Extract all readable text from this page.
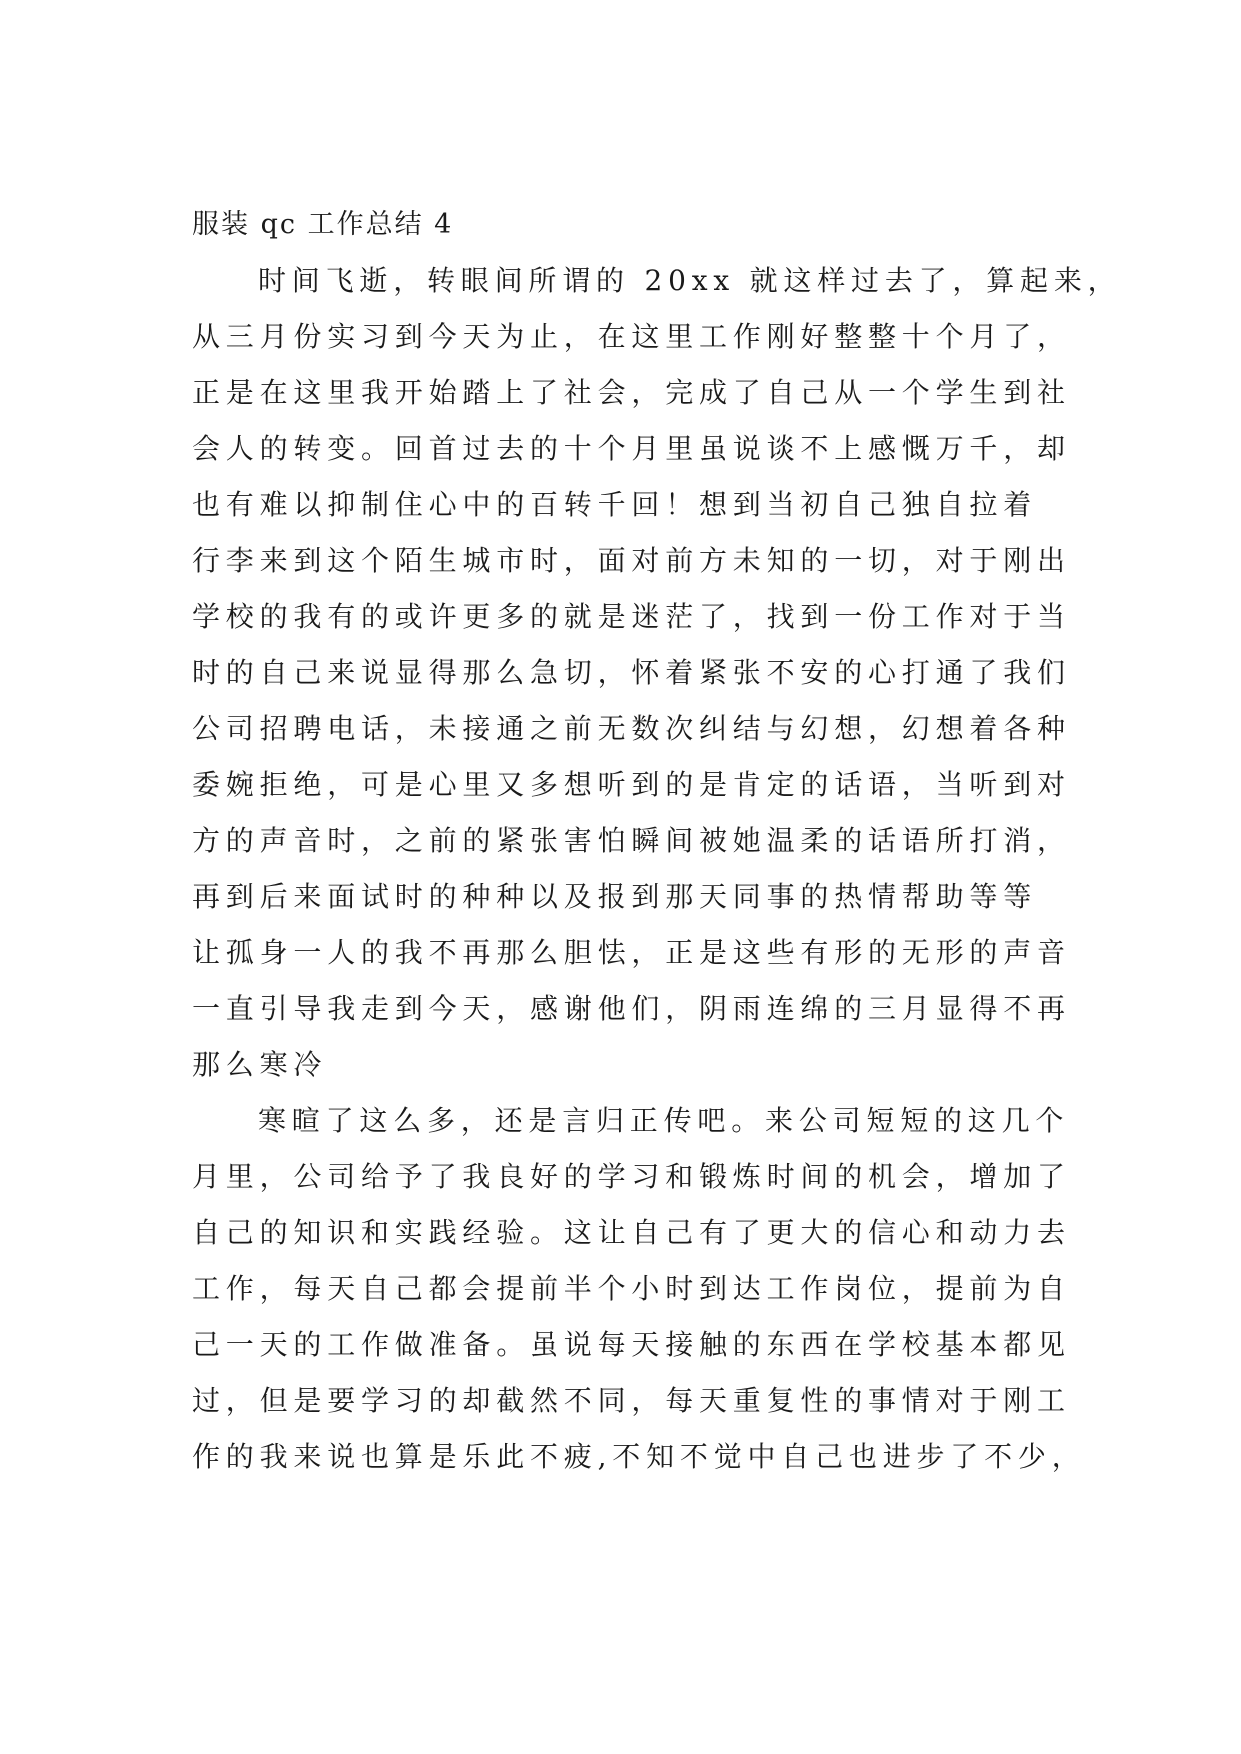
服装 qc 工作总结 4
时间飞逝，转眼间所谓的 20xx 就这样过去了，算起来，
从三月份实习到今天为止，在这里工作刚好整整十个月了，
正是在这里我开始踏上了社会，完成了自己从一个学生到社
会人的转变。回首过去的十个月里虽说谈不上感慨万千，却
也有难以抑制住心中的百转千回！想到当初自己独自拉着
行李来到这个陌生城市时，面对前方未知的一切，对于刚出
学校的我有的或许更多的就是迷茫了，找到一份工作对于当
时的自己来说显得那么急切，怀着紧张不安的心打通了我们
公司招聘电话，未接通之前无数次纠结与幻想，幻想着各种
委婉拒绝，可是心里又多想听到的是肯定的话语，当听到对
方的声音时，之前的紧张害怕瞬间被她温柔的话语所打消，
再到后来面试时的种种以及报到那天同事的热情帮助等等
让孤身一人的我不再那么胆怯，正是这些有形的无形的声音
一直引导我走到今天，感谢他们，阴雨连绵的三月显得不再
那么寒冷
寒暄了这么多，还是言归正传吧。来公司短短的这几个
月里，公司给予了我良好的学习和锻炼时间的机会，增加了
自己的知识和实践经验。这让自己有了更大的信心和动力去
工作，每天自己都会提前半个小时到达工作岗位，提前为自
己一天的工作做准备。虽说每天接触的东西在学校基本都见
过，但是要学习的却截然不同，每天重复性的事情对于刚工
作的我来说也算是乐此不疲,不知不觉中自己也进步了不少，
